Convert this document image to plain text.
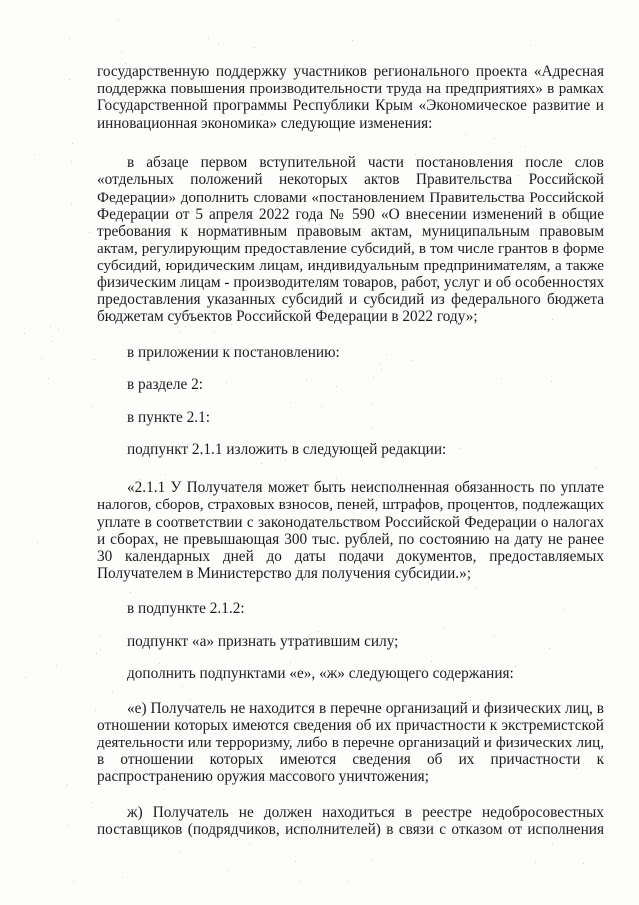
государственную поддержку участников регионального проекта «Адресная
поддержка повышения производительности труда на предприятиях» в рамках
Государственной программы Республики Крым «Экономическое развитие и
инновационная экономика» следующие изменения:
в абзаце первом вступительной части постановления после слов
«отдельных положений некоторых актов Правительства Российской
Федерации» дополнить словами «постановлением Правительства Российской
Федерации от 5 апреля 2022 года № 590 «О внесении изменений в общие
требования к нормативным правовым актам, муниципальным правовым
актам, регулирующим предоставление субсидий, в том числе грантов в форме
субсидий, юридическим лицам, индивидуальным предпринимателям, а также
физическим лицам - производителям товаров, работ, услуг и об особенностях
предоставления указанных субсидий и субсидий из федерального бюджета
бюджетам субъектов Российской Федерации в 2022 году»;
в приложении к постановлению:
в разделе 2:
в пункте 2.1:
подпункт 2.1.1 изложить в следующей редакции:
«2.1.1 У Получателя может быть неисполненная обязанность по уплате
налогов, сборов, страховых взносов, пеней, штрафов, процентов, подлежащих
уплате в соответствии с законодательством Российской Федерации о налогах
и сборах, не превышающая 300 тыс. рублей, по состоянию на дату не ранее
30 календарных дней до даты подачи документов, предоставляемых
Получателем в Министерство для получения субсидии.»;
в подпункте 2.1.2:
подпункт «а» признать утратившим силу;
дополнить подпунктами «е», «ж» следующего содержания:
«е) Получатель не находится в перечне организаций и физических лиц, в
отношении которых имеются сведения об их причастности к экстремистской
деятельности или терроризму, либо в перечне организаций и физических лиц,
в отношении которых имеются сведения об их причастности к
распространению оружия массового уничтожения;
ж) Получатель не должен находиться в реестре недобросовестных
поставщиков (подрядчиков, исполнителей) в связи с отказом от исполнения
